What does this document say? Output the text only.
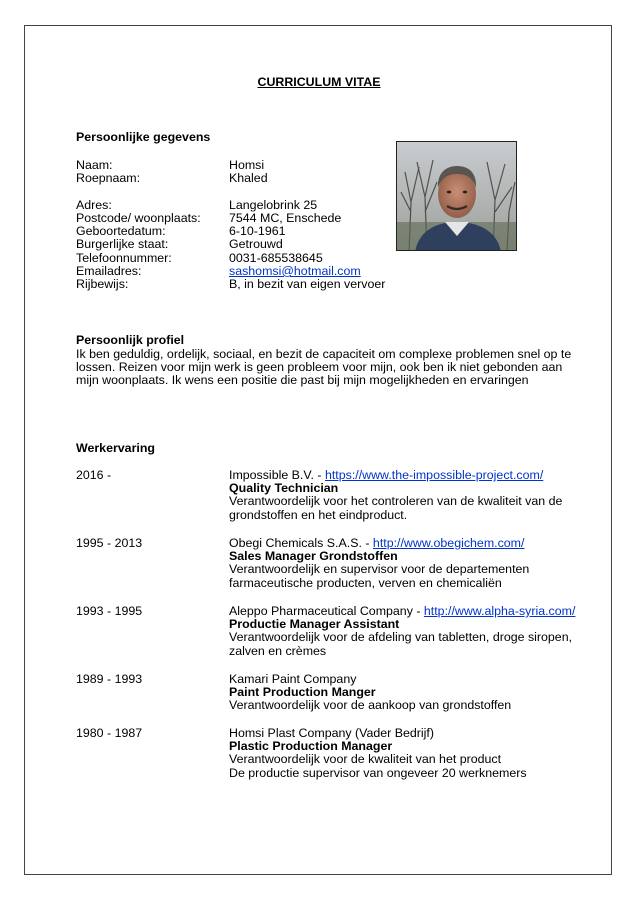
CURRICULUM VITAE
Persoonlijke gegevens
Naam:	Homsi
Roepnaam:	Khaled
Adres:	Langelobrink 25
Postcode/ woonplaats: 7544 MC, Enschede
Geboortedatum:	6-10-1961
Burgerlijke staat:	Getrouwd
Telefoonnummer:	0031-685538645
Emailadres:	sashomsi@hotmail.com
Rijbewijs:	B, in bezit van eigen vervoer
Persoonlijk profiel
Ik ben geduldig, ordelijk, sociaal, en bezit de capaciteit om complexe problemen snel op te
lossen. Reizen voor mijn werk is geen probleem voor mijn, ook ben ik niet gebonden aan
mijn woonplaats. Ik wens een positie die past bij mijn mogelijkheden en ervaringen
Werkervaring
2016 -	Impossible B.V. - https://www.the-impossible-project.com/
Quality Technician
Verantwoordelijk voor het controleren van de kwaliteit van de
grondstoffen en het eindproduct.
1995 - 2013	Obegi Chemicals S.A.S. - http://www.obegichem.com/
Sales Manager Grondstoffen
Verantwoordelijk en supervisor voor de departementen
farmaceutische producten, verven en chemicaliën
1993 - 1995	Aleppo Pharmaceutical Company - http://www.alpha-syria.com/
Productie Manager Assistant
Verantwoordelijk voor de afdeling van tabletten, droge siropen,
zalven en crèmes
1989 - 1993	Kamari Paint Company
Paint Production Manger
Verantwoordelijk voor de aankoop van grondstoffen
1980 - 1987	Homsi Plast Company (Vader Bedrijf)
Plastic Production Manager
Verantwoordelijk voor de kwaliteit van het product
De productie supervisor van ongeveer 20 werknemers
